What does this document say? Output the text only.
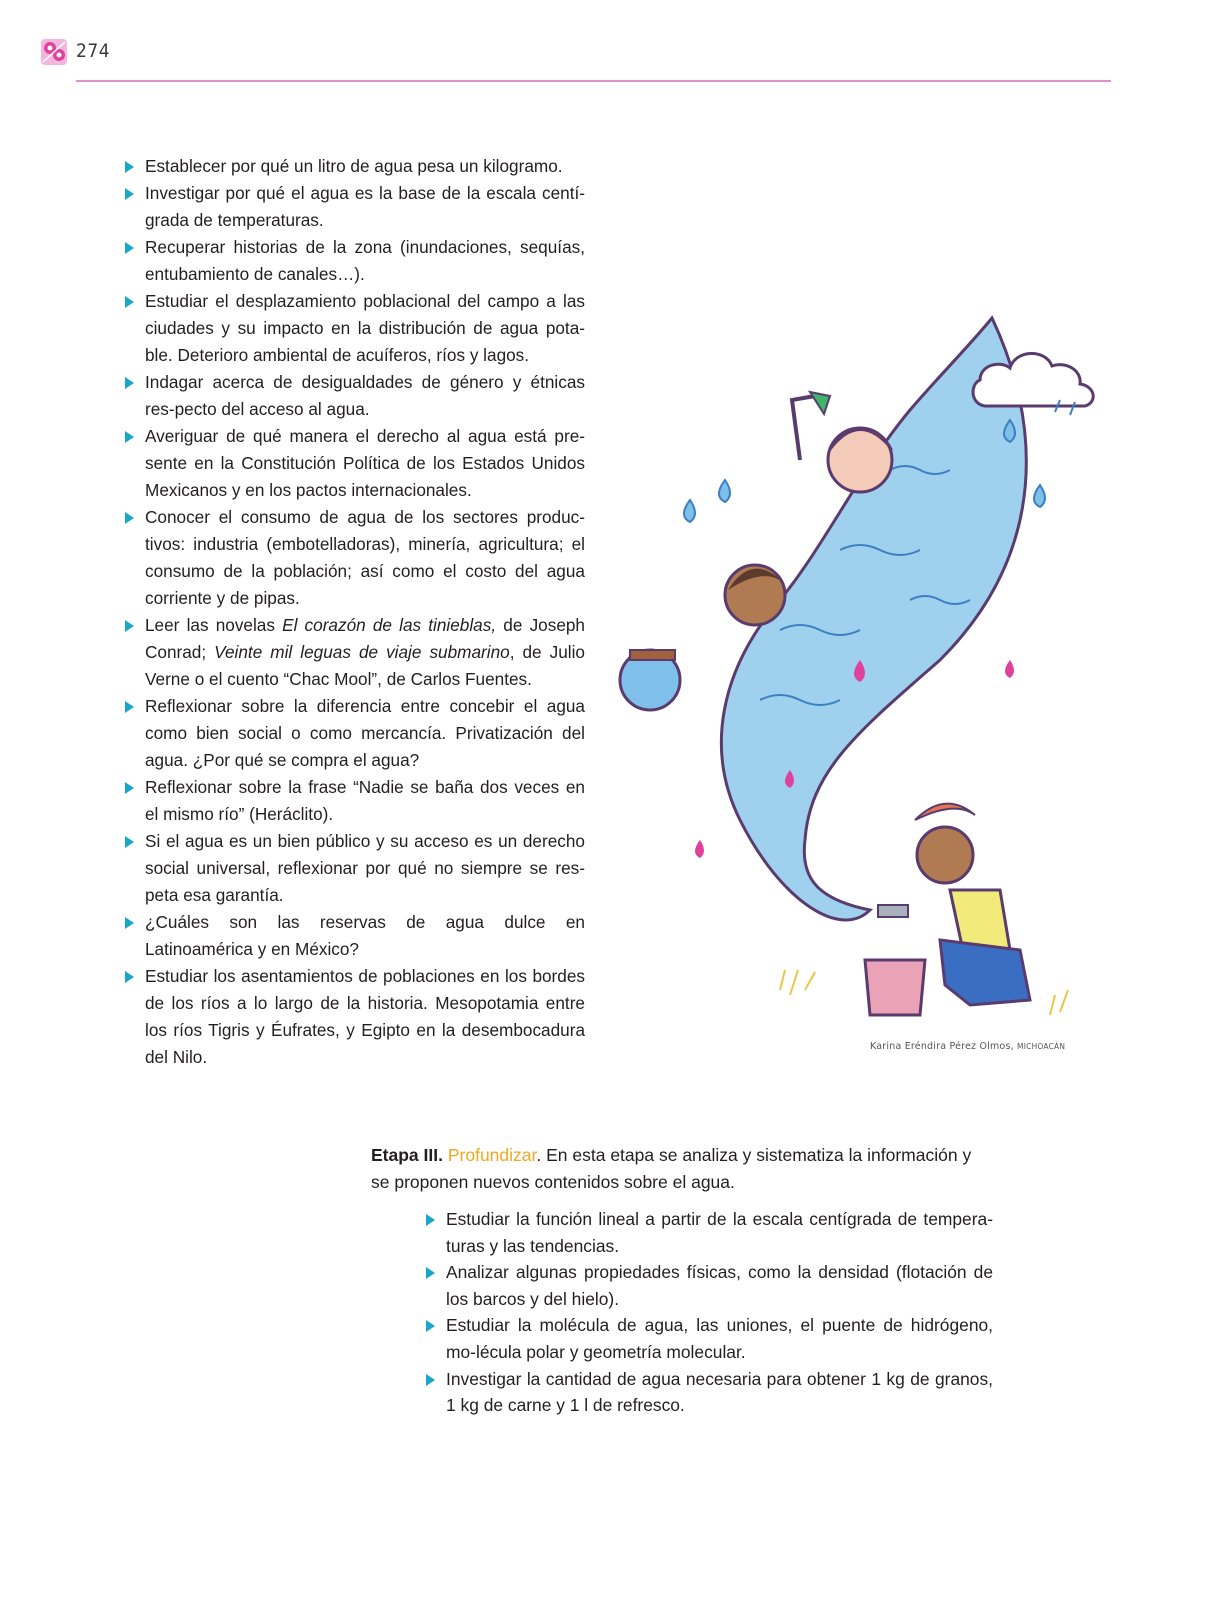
274
Establecer por qué un litro de agua pesa un kilogramo.
Investigar por qué el agua es la base de la escala centí-grada de temperaturas.
Recuperar historias de la zona (inundaciones, sequías, entubamiento de canales…).
Estudiar el desplazamiento poblacional del campo a las ciudades y su impacto en la distribución de agua pota-ble. Deterioro ambiental de acuíferos, ríos y lagos.
Indagar acerca de desigualdades de género y étnicas res-pecto del acceso al agua.
Averiguar de qué manera el derecho al agua está pre-sente en la Constitución Política de los Estados Unidos Mexicanos y en los pactos internacionales.
Conocer el consumo de agua de los sectores produc-tivos: industria (embotelladoras), minería, agricultura; el consumo de la población; así como el costo del agua corriente y de pipas.
Leer las novelas El corazón de las tinieblas, de Joseph Conrad; Veinte mil leguas de viaje submarino, de Julio Verne o el cuento “Chac Mool”, de Carlos Fuentes.
Reflexionar sobre la diferencia entre concebir el agua como bien social o como mercancía. Privatización del agua. ¿Por qué se compra el agua?
Reflexionar sobre la frase “Nadie se baña dos veces en el mismo río” (Heráclito).
Si el agua es un bien público y su acceso es un derecho social universal, reflexionar por qué no siempre se res-peta esa garantía.
¿Cuáles son las reservas de agua dulce en Latinoamérica y en México?
Estudiar los asentamientos de poblaciones en los bordes de los ríos a lo largo de la historia. Mesopotamia entre los ríos Tigris y Éufrates, y Egipto en la desembocadura del Nilo.
Karina Eréndira Pérez Olmos, MICHOACÁN

Etapa III. Profundizar. En esta etapa se analiza y sistematiza la información y se proponen nuevos contenidos sobre el agua.

Estudiar la función lineal a partir de la escala centígrada de tempera-turas y las tendencias.
Analizar algunas propiedades físicas, como la densidad (flotación de los barcos y del hielo).
Estudiar la molécula de agua, las uniones, el puente de hidrógeno, mo-lécula polar y geometría molecular.
Investigar la cantidad de agua necesaria para obtener 1 kg de granos, 1 kg de carne y 1 l de refresco.
